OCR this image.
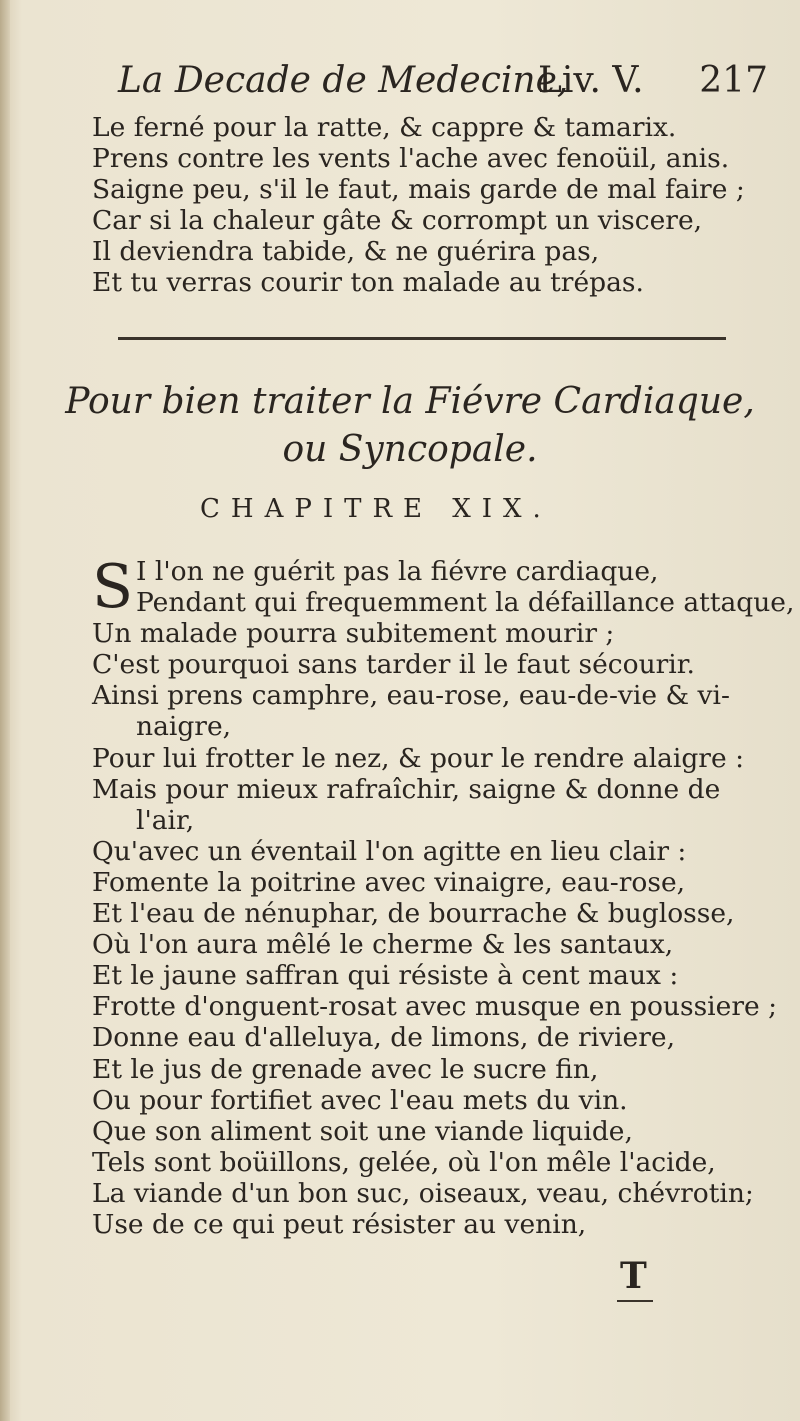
La Decade de Medecine,
Liv. V. 217
Le ferné pour la ratte, & cappre & tamarix.
Prens contre les vents l'ache avec fenoüil, anis.
Saigne peu, s'il le faut, mais garde de mal faire ;
Car si la chaleur gâte & corrompt un viscere,
Il deviendra tabide, & ne guérira pas,
Et tu verras courir ton malade au trépas.
Pour bien traiter la Fiévre Cardiaque,
ou Syncopale.
CHAPITRE XIX.
S I l'on ne guérit pas la fiévre cardiaque,
Pendant qui frequemment la défaillance attaque,
Un malade pourra subitement mourir ;
C'est pourquoi sans tarder il le faut sécourir.
Ainsi prens camphre, eau-rose, eau-de-vie & vi-
naigre,
Pour lui frotter le nez, & pour le rendre alaigre :
Mais pour mieux rafraîchir, saigne & donne de
l'air,
Qu'avec un éventail l'on agitte en lieu clair :
Fomente la poitrine avec vinaigre, eau-rose,
Et l'eau de nénuphar, de bourrache & buglosse,
Où l'on aura mêlé le cherme & les santaux,
Et le jaune saffran qui résiste à cent maux :
Frotte d'onguent-rosat avec musque en poussiere ;
Donne eau d'alleluya, de limons, de riviere,
Et le jus de grenade avec le sucre fin,
Ou pour fortifiet avec l'eau mets du vin.
Que son aliment soit une viande liquide,
Tels sont boüillons, gelée, où l'on mêle l'acide,
La viande d'un bon suc, oiseaux, veau, chévrotin;
Use de ce qui peut résister au venin,
T
